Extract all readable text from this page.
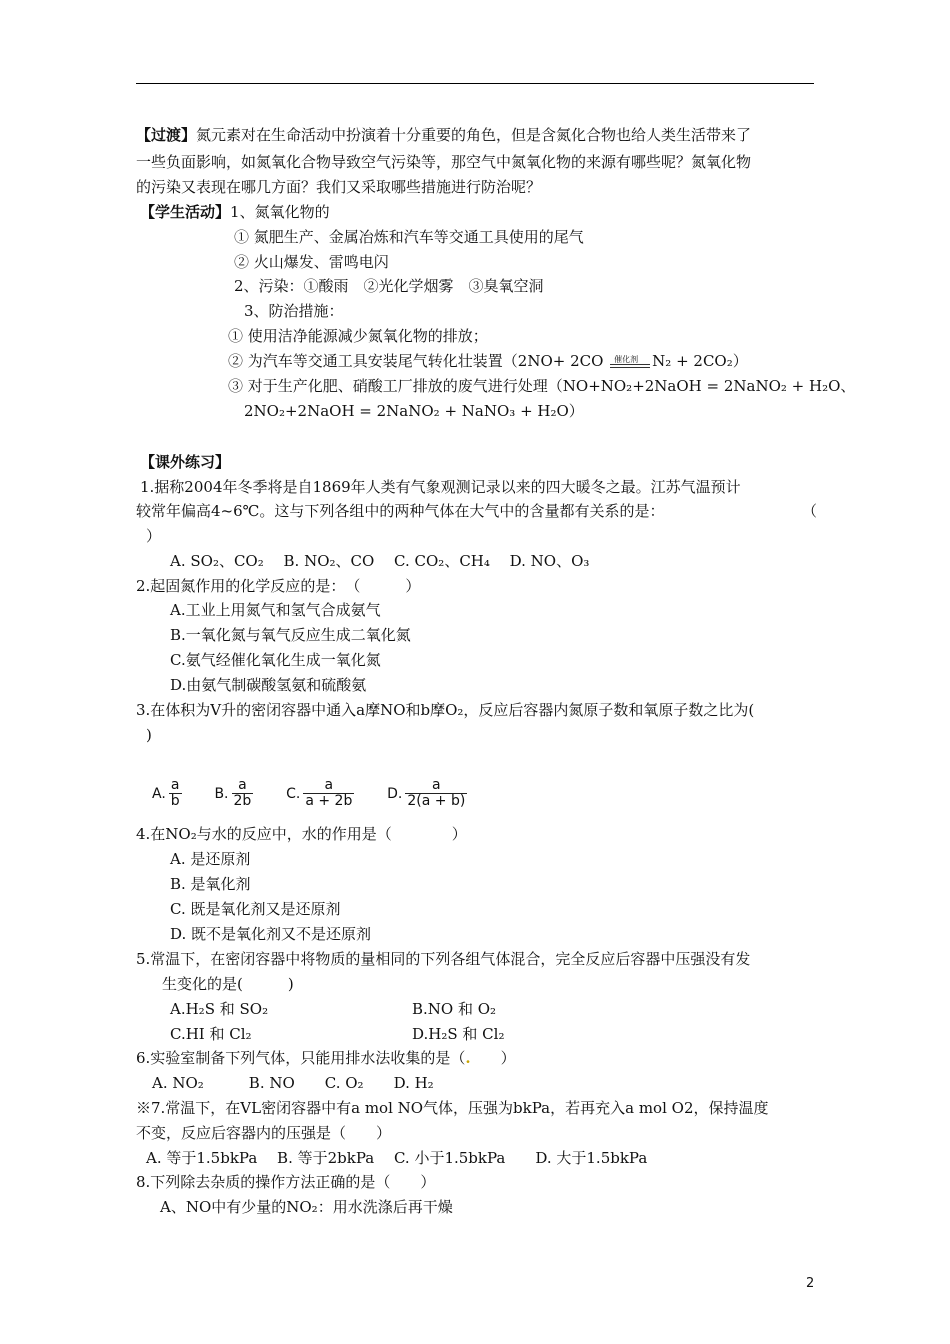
【过渡】氮元素对在生命活动中扮演着十分重要的角色，但是含氮化合物也给人类生活带来了
一些负面影响，如氮氧化合物导致空气污染等，那空气中氮氧化物的来源有哪些呢？氮氧化物
的污染又表现在哪几方面？我们又采取哪些措施进行防治呢？
【学生活动】1、氮氧化物的
① 氮肥生产、金属冶炼和汽车等交通工具使用的尾气
② 火山爆发、雷鸣电闪
2、污染：①酸雨　②光化学烟雾　③臭氧空洞
3、防治措施：
① 使用洁净能源减少氮氧化物的排放；
② 为汽车等交通工具安装尾气转化壮装置（2NO+ 2CO 催化剂 N₂ + 2CO₂）
③ 对于生产化肥、硝酸工厂排放的废气进行处理（NO+NO₂+2NaOH = 2NaNO₂ + H₂O、
2NO₂+2NaOH = 2NaNO₂ + NaNO₃ + H₂O）
【课外练习】
1.据称2004年冬季将是自1869年人类有气象观测记录以来的四大暖冬之最。江苏气温预计
较常年偏高4~6℃。这与下列各组中的两种气体在大气中的含量都有关系的是：	（
）
A. SO₂、CO₂　 B. NO₂、CO　 C. CO₂、CH₄　 D. NO、O₃
2.起固氮作用的化学反应的是：　（　　　）
A.工业上用氮气和氢气合成氨气
B.一氧化氮与氧气反应生成二氧化氮
C.氨气经催化氧化生成一氧化氮
D.由氨气制碳酸氢氨和硫酸氨
3.在体积为V升的密闭容器中通入a摩NO和b摩O₂，反应后容器内氮原子数和氧原子数之比为(
)
A. $\frac{a}{b} B$. $\frac{a}{2b} C$. $\frac{a}{a + 2b} D$. $\frac{a}{2(a + b)}$
4.在NO₂与水的反应中，水的作用是（　　　　）
A. 是还原剂
B. 是氧化剂
C. 既是氧化剂又是还原剂
D. 既不是氧化剂又不是还原剂
5.常温下，在密闭容器中将物质的量相同的下列各组气体混合，完全反应后容器中压强没有发
生变化的是(　　　)
A.H₂S 和 SO₂	B.NO 和 O₂
C.HI 和 Cl₂	D.H₂S 和 Cl₂
6.实验室制备下列气体，只能用排水法收集的是（.　　）
A. NO₂　　　B. NO　　C. O₂　　D. H₂
※7.常温下，在VL密闭容器中有a mol NO气体，压强为bkPa，若再充入a mol O2，保持温度
不变，反应后容器内的压强是（　　）
A. 等于1.5bkPa　 B. 等于2bkPa　 C. 小于1.5bkPa　　D. 大于1.5bkPa
8.下列除去杂质的操作方法正确的是（　　）
A、NO中有少量的NO₂：用水洗涤后再干燥
2
